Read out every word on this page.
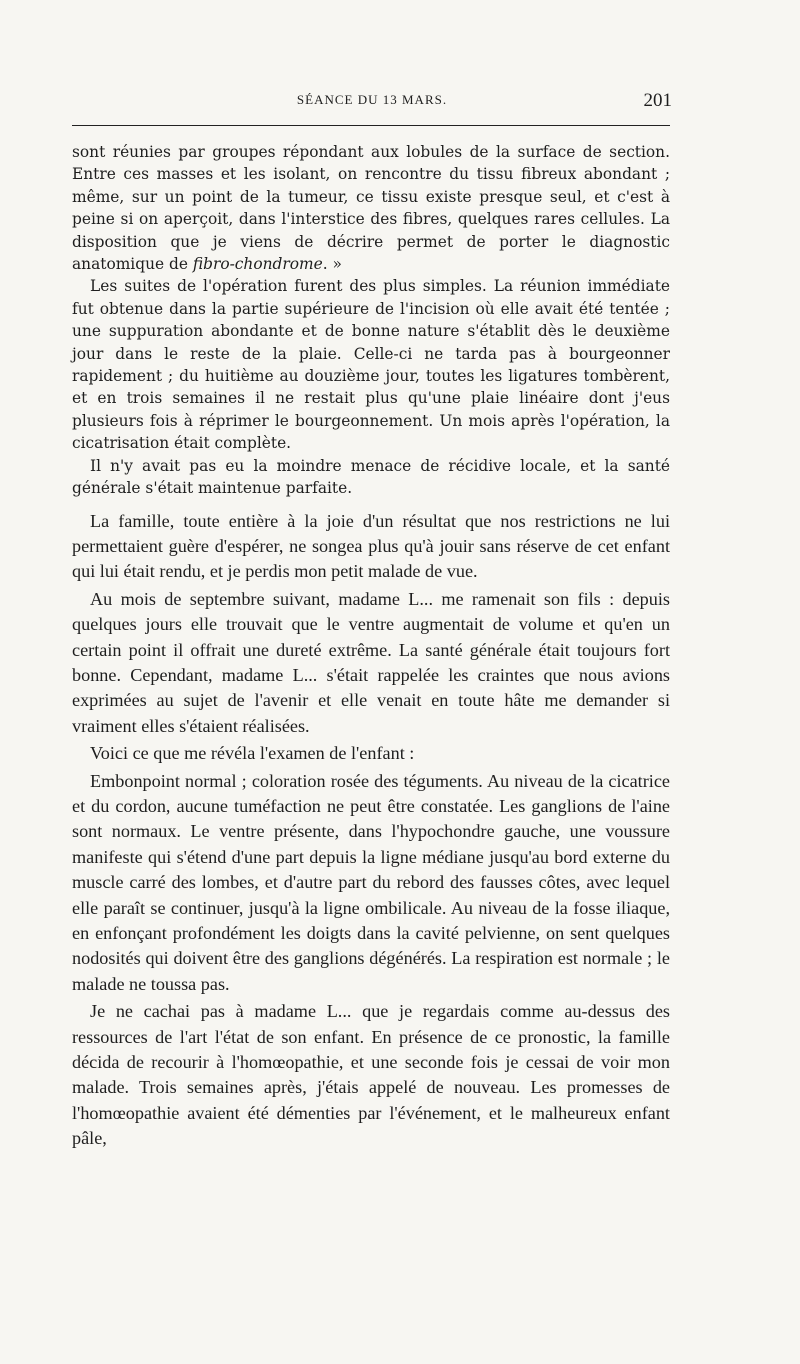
SÉANCE DU 13 MARS.	201

sont réunies par groupes répondant aux lobules de la surface de section. Entre ces masses et les isolant, on rencontre du tissu fibreux abondant ; même, sur un point de la tumeur, ce tissu existe presque seul, et c'est à peine si on aperçoit, dans l'interstice des fibres, quelques rares cellules. La disposition que je viens de décrire permet de porter le diagnostic anatomique de fibro-chondrome. »

Les suites de l'opération furent des plus simples. La réunion immédiate fut obtenue dans la partie supérieure de l'incision où elle avait été tentée ; une suppuration abondante et de bonne nature s'établit dès le deuxième jour dans le reste de la plaie. Celle-ci ne tarda pas à bourgeonner rapidement ; du huitième au douzième jour, toutes les ligatures tombèrent, et en trois semaines il ne restait plus qu'une plaie linéaire dont j'eus plusieurs fois à réprimer le bourgeonnement. Un mois après l'opération, la cicatrisation était complète.

Il n'y avait pas eu la moindre menace de récidive locale, et la santé générale s'était maintenue parfaite.

La famille, toute entière à la joie d'un résultat que nos restrictions ne lui permettaient guère d'espérer, ne songea plus qu'à jouir sans réserve de cet enfant qui lui était rendu, et je perdis mon petit malade de vue.

Au mois de septembre suivant, madame L... me ramenait son fils : depuis quelques jours elle trouvait que le ventre augmentait de volume et qu'en un certain point il offrait une dureté extrême. La santé générale était toujours fort bonne. Cependant, madame L... s'était rappelée les craintes que nous avions exprimées au sujet de l'avenir et elle venait en toute hâte me demander si vraiment elles s'étaient réalisées.

Voici ce que me révéla l'examen de l'enfant :

Embonpoint normal ; coloration rosée des téguments. Au niveau de la cicatrice et du cordon, aucune tuméfaction ne peut être constatée. Les ganglions de l'aine sont normaux. Le ventre présente, dans l'hypochondre gauche, une voussure manifeste qui s'étend d'une part depuis la ligne médiane jusqu'au bord externe du muscle carré des lombes, et d'autre part du rebord des fausses côtes, avec lequel elle paraît se continuer, jusqu'à la ligne ombilicale. Au niveau de la fosse iliaque, en enfonçant profondément les doigts dans la cavité pelvienne, on sent quelques nodosités qui doivent être des ganglions dégénérés. La respiration est normale ; le malade ne toussa pas.

Je ne cachai pas à madame L... que je regardais comme au-dessus des ressources de l'art l'état de son enfant. En présence de ce pronostic, la famille décida de recourir à l'homœopathie, et une seconde fois je cessai de voir mon malade. Trois semaines après, j'étais appelé de nouveau. Les promesses de l'homœopathie avaient été démenties par l'événement, et le malheureux enfant pâle,
